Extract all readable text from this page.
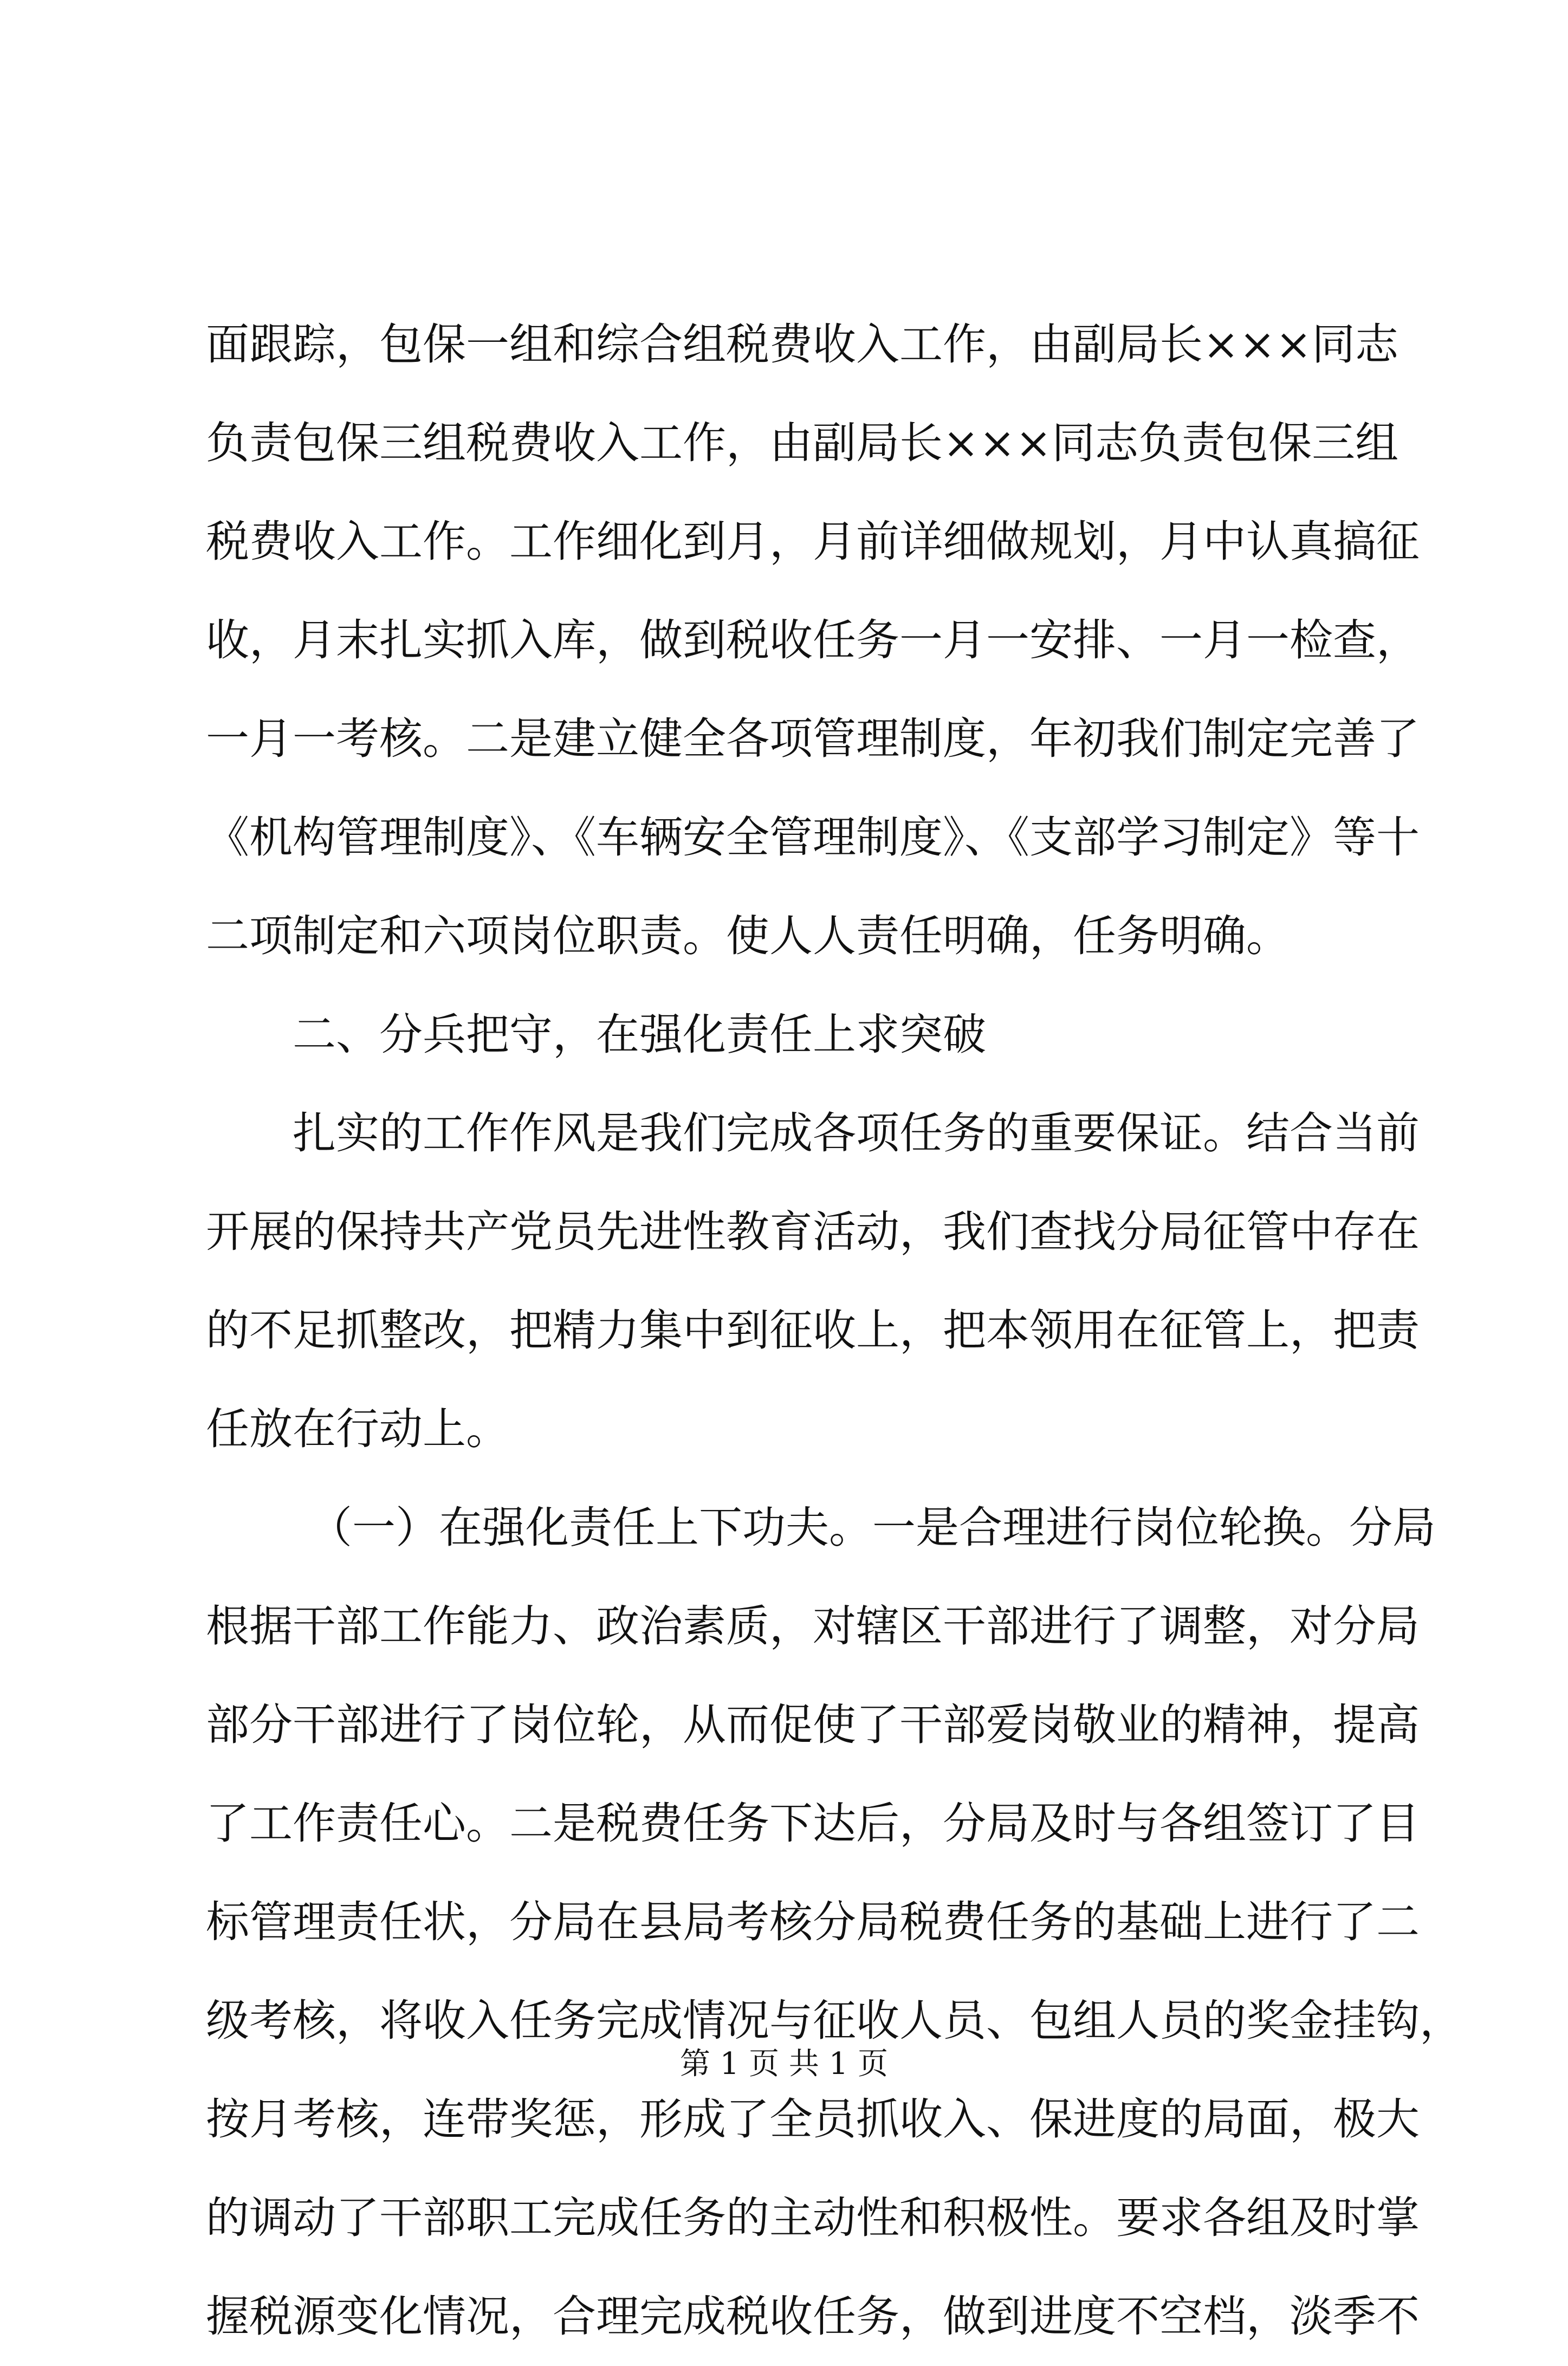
面跟踪，包保一组和综合组税费收入工作，由副局长×××同志
负责包保三组税费收入工作，由副局长×××同志负责包保三组
税费收入工作。工作细化到月，月前详细做规划，月中认真搞征
收，月末扎实抓入库，做到税收任务一月一安排、一月一检查，
一月一考核。二是建立健全各项管理制度，年初我们制定完善了
《机构管理制度》、《车辆安全管理制度》、《支部学习制定》等十
二项制定和六项岗位职责。使人人责任明确，任务明确。
二、分兵把守，在强化责任上求突破
扎实的工作作风是我们完成各项任务的重要保证。结合当前
开展的保持共产党员先进性教育活动，我们查找分局征管中存在
的不足抓整改，把精力集中到征收上，把本领用在征管上，把责
任放在行动上。
（一）在强化责任上下功夫。一是合理进行岗位轮换。分局
根据干部工作能力、政治素质，对辖区干部进行了调整，对分局
部分干部进行了岗位轮，从而促使了干部爱岗敬业的精神，提高
了工作责任心。二是税费任务下达后，分局及时与各组签订了目
标管理责任状，分局在县局考核分局税费任务的基础上进行了二
级考核，将收入任务完成情况与征收人员、包组人员的奖金挂钩，
按月考核，连带奖惩，形成了全员抓收入、保进度的局面，极大
的调动了干部职工完成任务的主动性和积极性。要求各组及时掌
握税源变化情况，合理完成税收任务，做到进度不空档，淡季不
第 1 页 共 1 页
